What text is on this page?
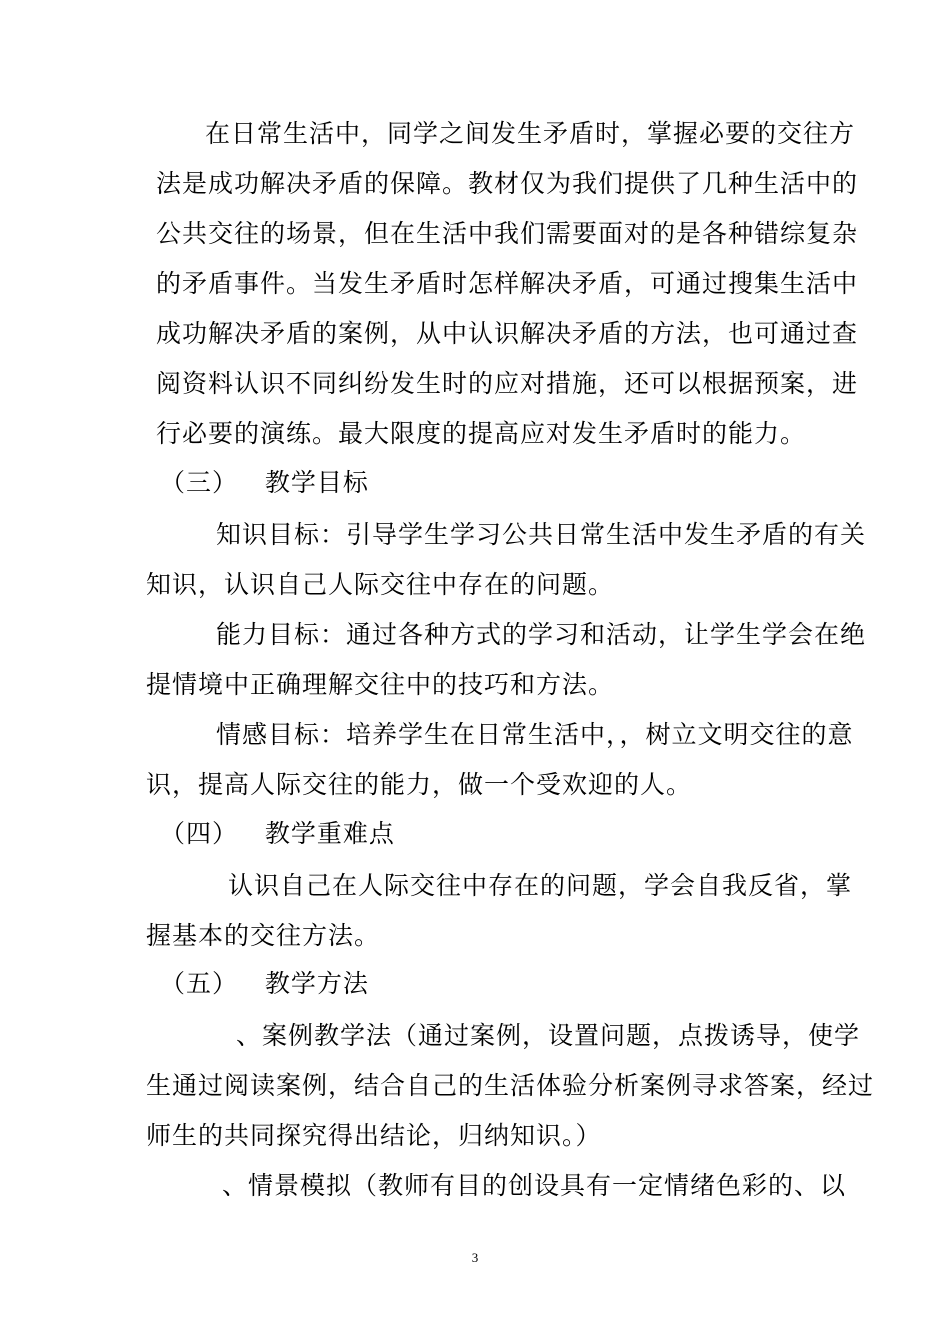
在日常生活中，同学之间发生矛盾时，掌握必要的交往方

法是成功解决矛盾的保障。教材仅为我们提供了几种生活中的

公共交往的场景，但在生活中我们需要面对的是各种错综复杂

的矛盾事件。当发生矛盾时怎样解决矛盾，可通过搜集生活中

成功解决矛盾的案例，从中认识解决矛盾的方法，也可通过查

阅资料认识不同纠纷发生时的应对措施，还可以根据预案，进

行必要的演练。最大限度的提高应对发生矛盾时的能力。

（三）   教学目标

知识目标：引导学生学习公共日常生活中发生矛盾的有关

知识，认识自己人际交往中存在的问题。

能力目标：通过各种方式的学习和活动，让学生学会在绝

提情境中正确理解交往中的技巧和方法。

情感目标：培养学生在日常生活中，，树立文明交往的意

识，提高人际交往的能力，做一个受欢迎的人。

（四）   教学重难点

认识自己在人际交往中存在的问题，学会自我反省，掌

握基本的交往方法。

（五）   教学方法

、案例教学法（通过案例，设置问题，点拨诱导，使学

生通过阅读案例，结合自己的生活体验分析案例寻求答案，经过

师生的共同探究得出结论，归纳知识。）

、情景模拟（教师有目的创设具有一定情绪色彩的、以

3
